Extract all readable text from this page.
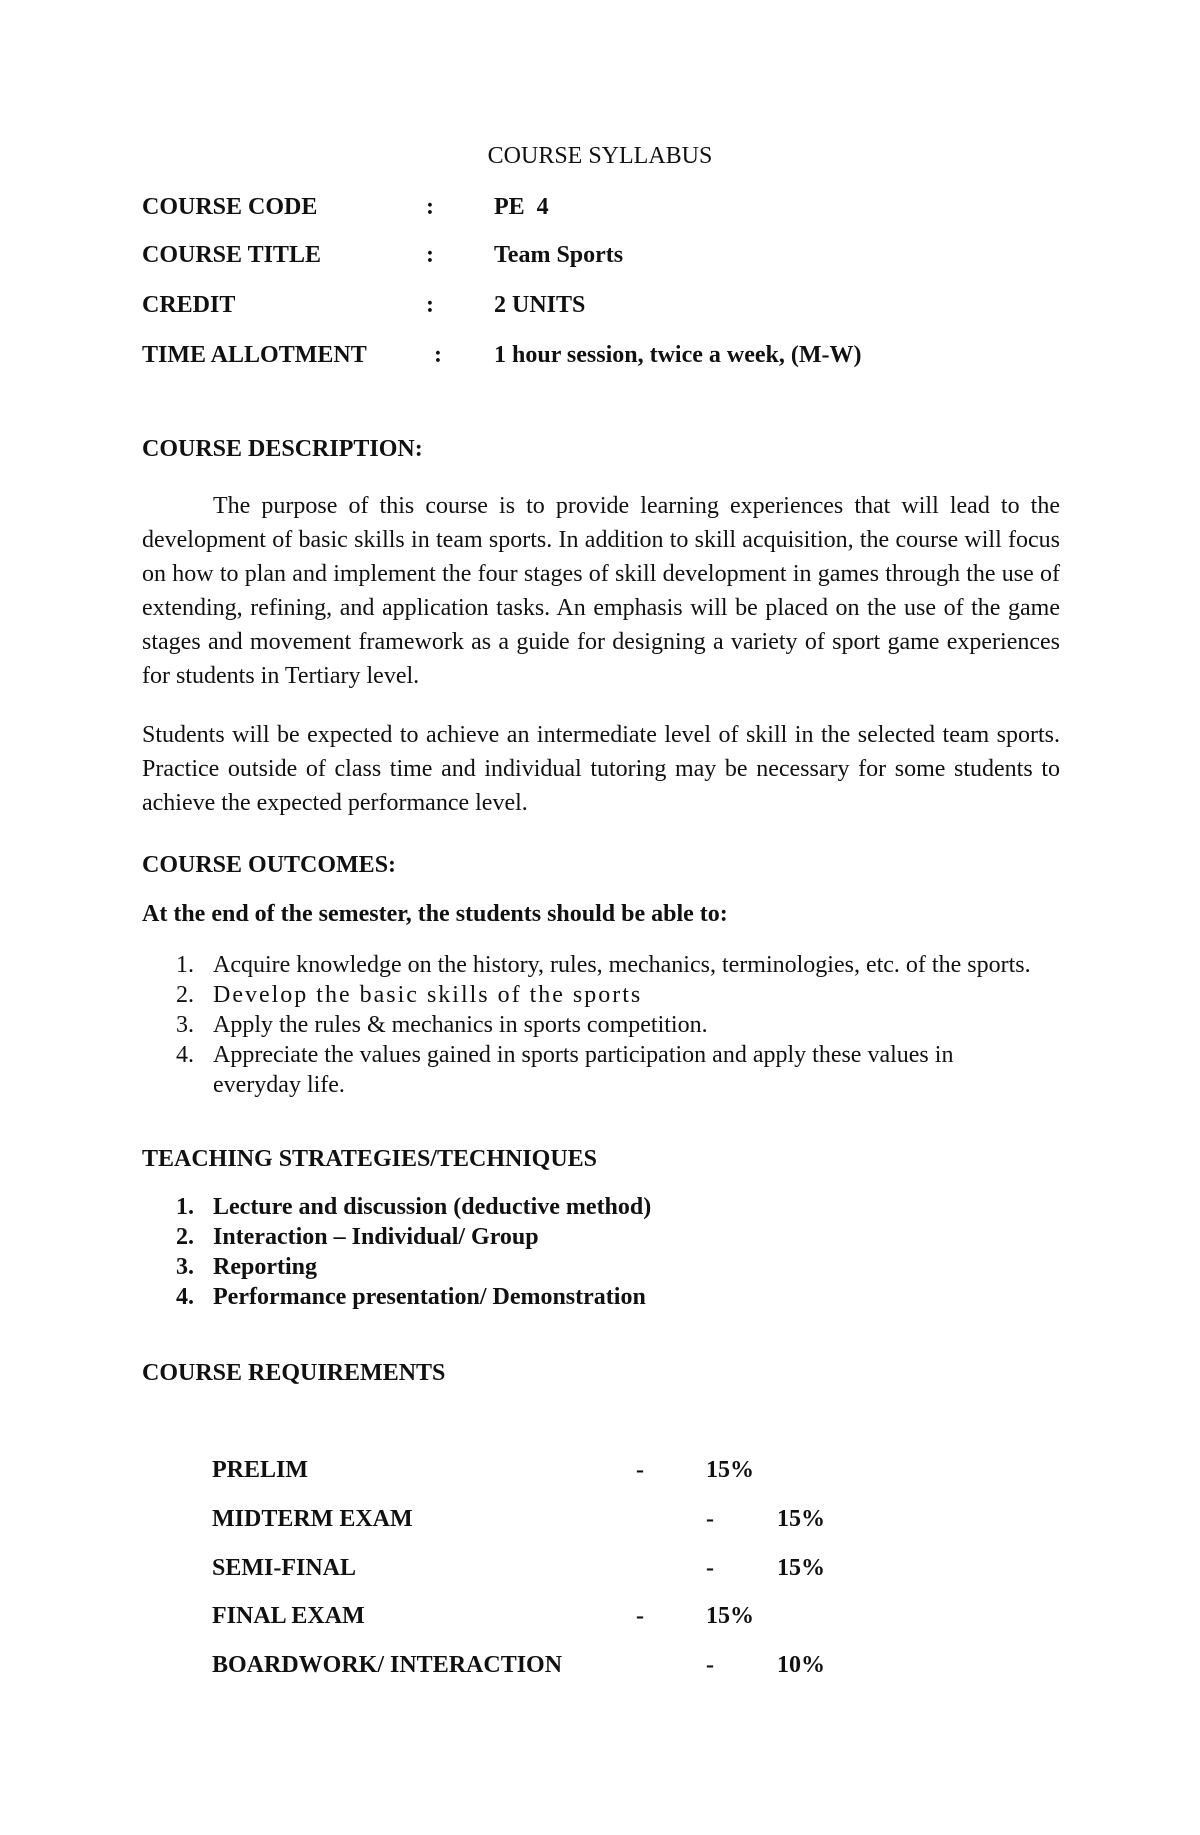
COURSE SYLLABUS
COURSE CODE	:	PE  4
COURSE TITLE	:	Team Sports
CREDIT	:	2 UNITS
TIME ALLOTMENT	: 1 hour session, twice a week, (M-W)
COURSE DESCRIPTION:

The purpose of this course is to provide learning experiences that will lead to the development of basic skills in team sports. In addition to skill acquisition, the course will focus on how to plan and implement the four stages of skill development in games through the use of extending, refining, and application tasks. An emphasis will be placed on the use of the game stages and movement framework as a guide for designing a variety of sport game experiences for students in Tertiary level.

Students will be expected to achieve an intermediate level of skill in the selected team sports. Practice outside of class time and individual tutoring may be necessary for some students to achieve the expected performance level.

COURSE OUTCOMES:
At the end of the semester, the students should be able to:
1. Acquire knowledge on the history, rules, mechanics, terminologies, etc. of the sports.
2. Develop the basic skills of the sports
3. Apply the rules & mechanics in sports competition.
4. Appreciate the values gained in sports participation and apply these values in everyday life.
TEACHING STRATEGIES/TECHNIQUES
1. Lecture and discussion (deductive method)
2. Interaction – Individual/ Group
3. Reporting
4. Performance presentation/ Demonstration
COURSE REQUIREMENTS
PRELIM	-	15%
MIDTERM EXAM	-	15%
SEMI-FINAL	-	15%
FINAL EXAM	-	15%
BOARDWORK/ INTERACTION	-	10%
